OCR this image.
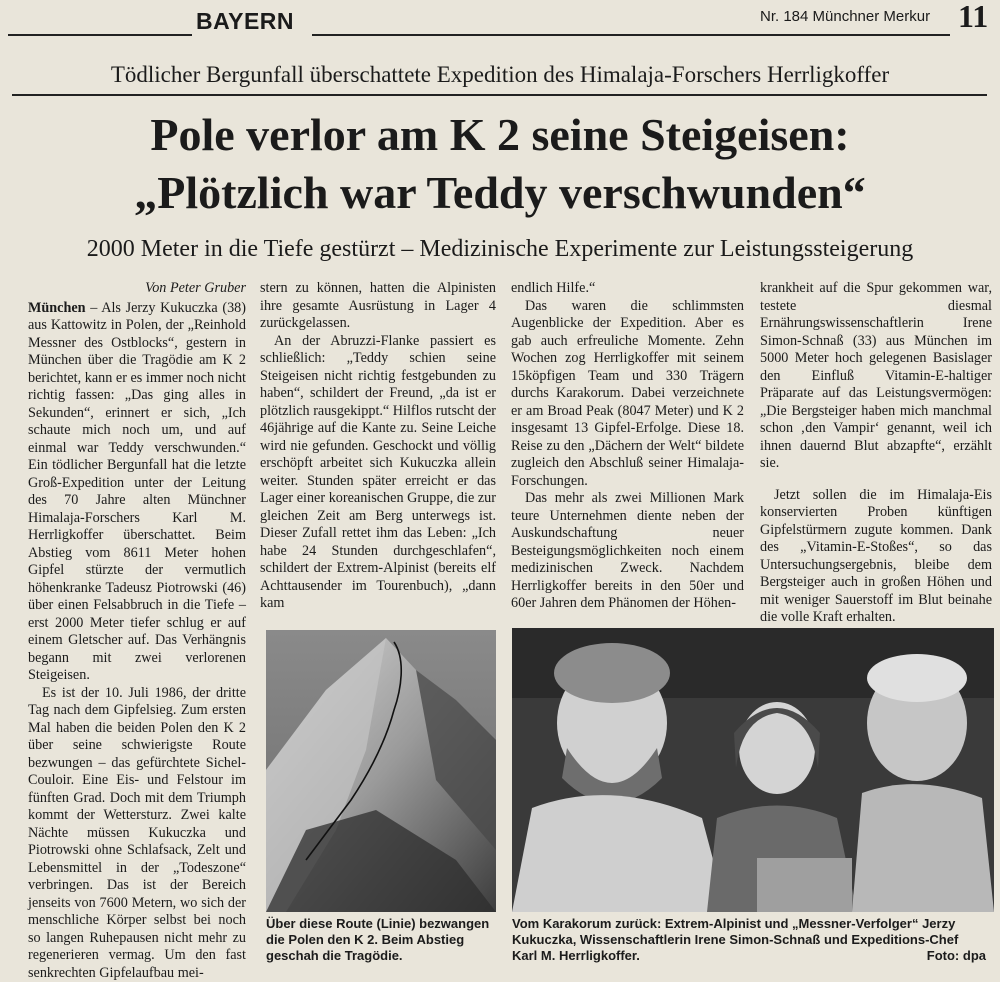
BAYERN	Nr. 184 Münchner Merkur 11
Tödlicher Bergunfall überschattete Expedition des Himalaja-Forschers Herrligkoffer
Pole verlor am K 2 seine Steigeisen:
„Plötzlich war Teddy verschwunden“
2000 Meter in die Tiefe gestürzt – Medizinische Experimente zur Leistungssteigerung
Von Peter Gruber

München – Als Jerzy Kukuczka (38) aus Kattowitz in Polen, der „Reinhold Messner des Ostblocks“, gestern in München über die Tragödie am K 2 berichtet, kann er es immer noch nicht richtig fassen: „Das ging alles in Sekunden“, erinnert er sich, „Ich schaute mich noch um, und auf einmal war Teddy verschwunden.“ Ein tödlicher Bergunfall hat die letzte Groß-Expedition unter der Leitung des 70 Jahre alten Münchner Himalaja-Forschers Karl M. Herrligkoffer überschattet. Beim Abstieg vom 8611 Meter hohen Gipfel stürzte der vermutlich höhenkranke Tadeusz Piotrowski (46) über einen Felsabbruch in die Tiefe – erst 2000 Meter tiefer schlug er auf einem Gletscher auf. Das Verhängnis begann mit zwei verlorenen Steigeisen.

Es ist der 10. Juli 1986, der dritte Tag nach dem Gipfelsieg. Zum ersten Mal haben die beiden Polen den K 2 über seine schwierigste Route bezwungen – das gefürchtete Sichel-Couloir. Eine Eis- und Felstour im fünften Grad. Doch mit dem Triumph kommt der Wettersturz. Zwei kalte Nächte müssen Kukuczka und Piotrowski ohne Schlafsack, Zelt und Lebensmittel in der „Todeszone“ verbringen. Das ist der Bereich jenseits von 7600 Metern, wo sich der menschliche Körper selbst bei noch so langen Ruhepausen nicht mehr zu regenerieren vermag. Um den fast senkrechten Gipfelaufbau mei-

stern zu können, hatten die Alpinisten ihre gesamte Ausrüstung in Lager 4 zurückgelassen.

An der Abruzzi-Flanke passiert es schließlich: „Teddy schien seine Steigeisen nicht richtig festgebunden zu haben“, schildert der Freund, „da ist er plötzlich rausgekippt.“ Hilflos rutscht der 46jährige auf die Kante zu. Seine Leiche wird nie gefunden. Geschockt und völlig erschöpft arbeitet sich Kukuczka allein weiter. Stunden später erreicht er das Lager einer koreanischen Gruppe, die zur gleichen Zeit am Berg unterwegs ist. Dieser Zufall rettet ihm das Leben: „Ich habe 24 Stunden durchgeschlafen“, schildert der Extrem-Alpinist (bereits elf Achttausender im Tourenbuch), „dann kam

endlich Hilfe.“

Das waren die schlimmsten Augenblicke der Expedition. Aber es gab auch erfreuliche Momente. Zehn Wochen zog Herrligkoffer mit seinem 15köpfigen Team und 330 Trägern durchs Karakorum. Dabei verzeichnete er am Broad Peak (8047 Meter) und K 2 insgesamt 13 Gipfel-Erfolge. Diese 18. Reise zu den „Dächern der Welt“ bildete zugleich den Abschluß seiner Himalaja-Forschungen.

Das mehr als zwei Millionen Mark teure Unternehmen diente neben der Auskundschaftung neuer Besteigungsmöglichkeiten noch einem medizinischen Zweck. Nachdem Herrligkoffer bereits in den 50er und 60er Jahren dem Phänomen der Höhen-

krankheit auf die Spur gekommen war, testete diesmal Ernährungswissenschaftlerin Irene Simon-Schnaß (33) aus München im 5000 Meter hoch gelegenen Basislager den Einfluß Vitamin-E-haltiger Präparate auf das Leistungsvermögen: „Die Bergsteiger haben mich manchmal schon ‚den Vampir‘ genannt, weil ich ihnen dauernd Blut abzapfte“, erzählt sie.

Jetzt sollen die im Himalaja-Eis konservierten Proben künftigen Gipfelstürmern zugute kommen. Dank des „Vitamin-E-Stoßes“, so das Untersuchungsergebnis, bleibe dem Bergsteiger auch in großen Höhen und mit weniger Sauerstoff im Blut beinahe die volle Kraft erhalten.

Über diese Route (Linie) bezwangen die Polen den K 2. Beim Abstieg geschah die Tragödie.
Vom Karakorum zurück: Extrem-Alpinist und „Messner-Verfolger“ Jerzy Kukuczka, Wissenschaftlerin Irene Simon-Schnaß und Expeditions-Chef Karl M. Herrligkoffer.	Foto: dpa
